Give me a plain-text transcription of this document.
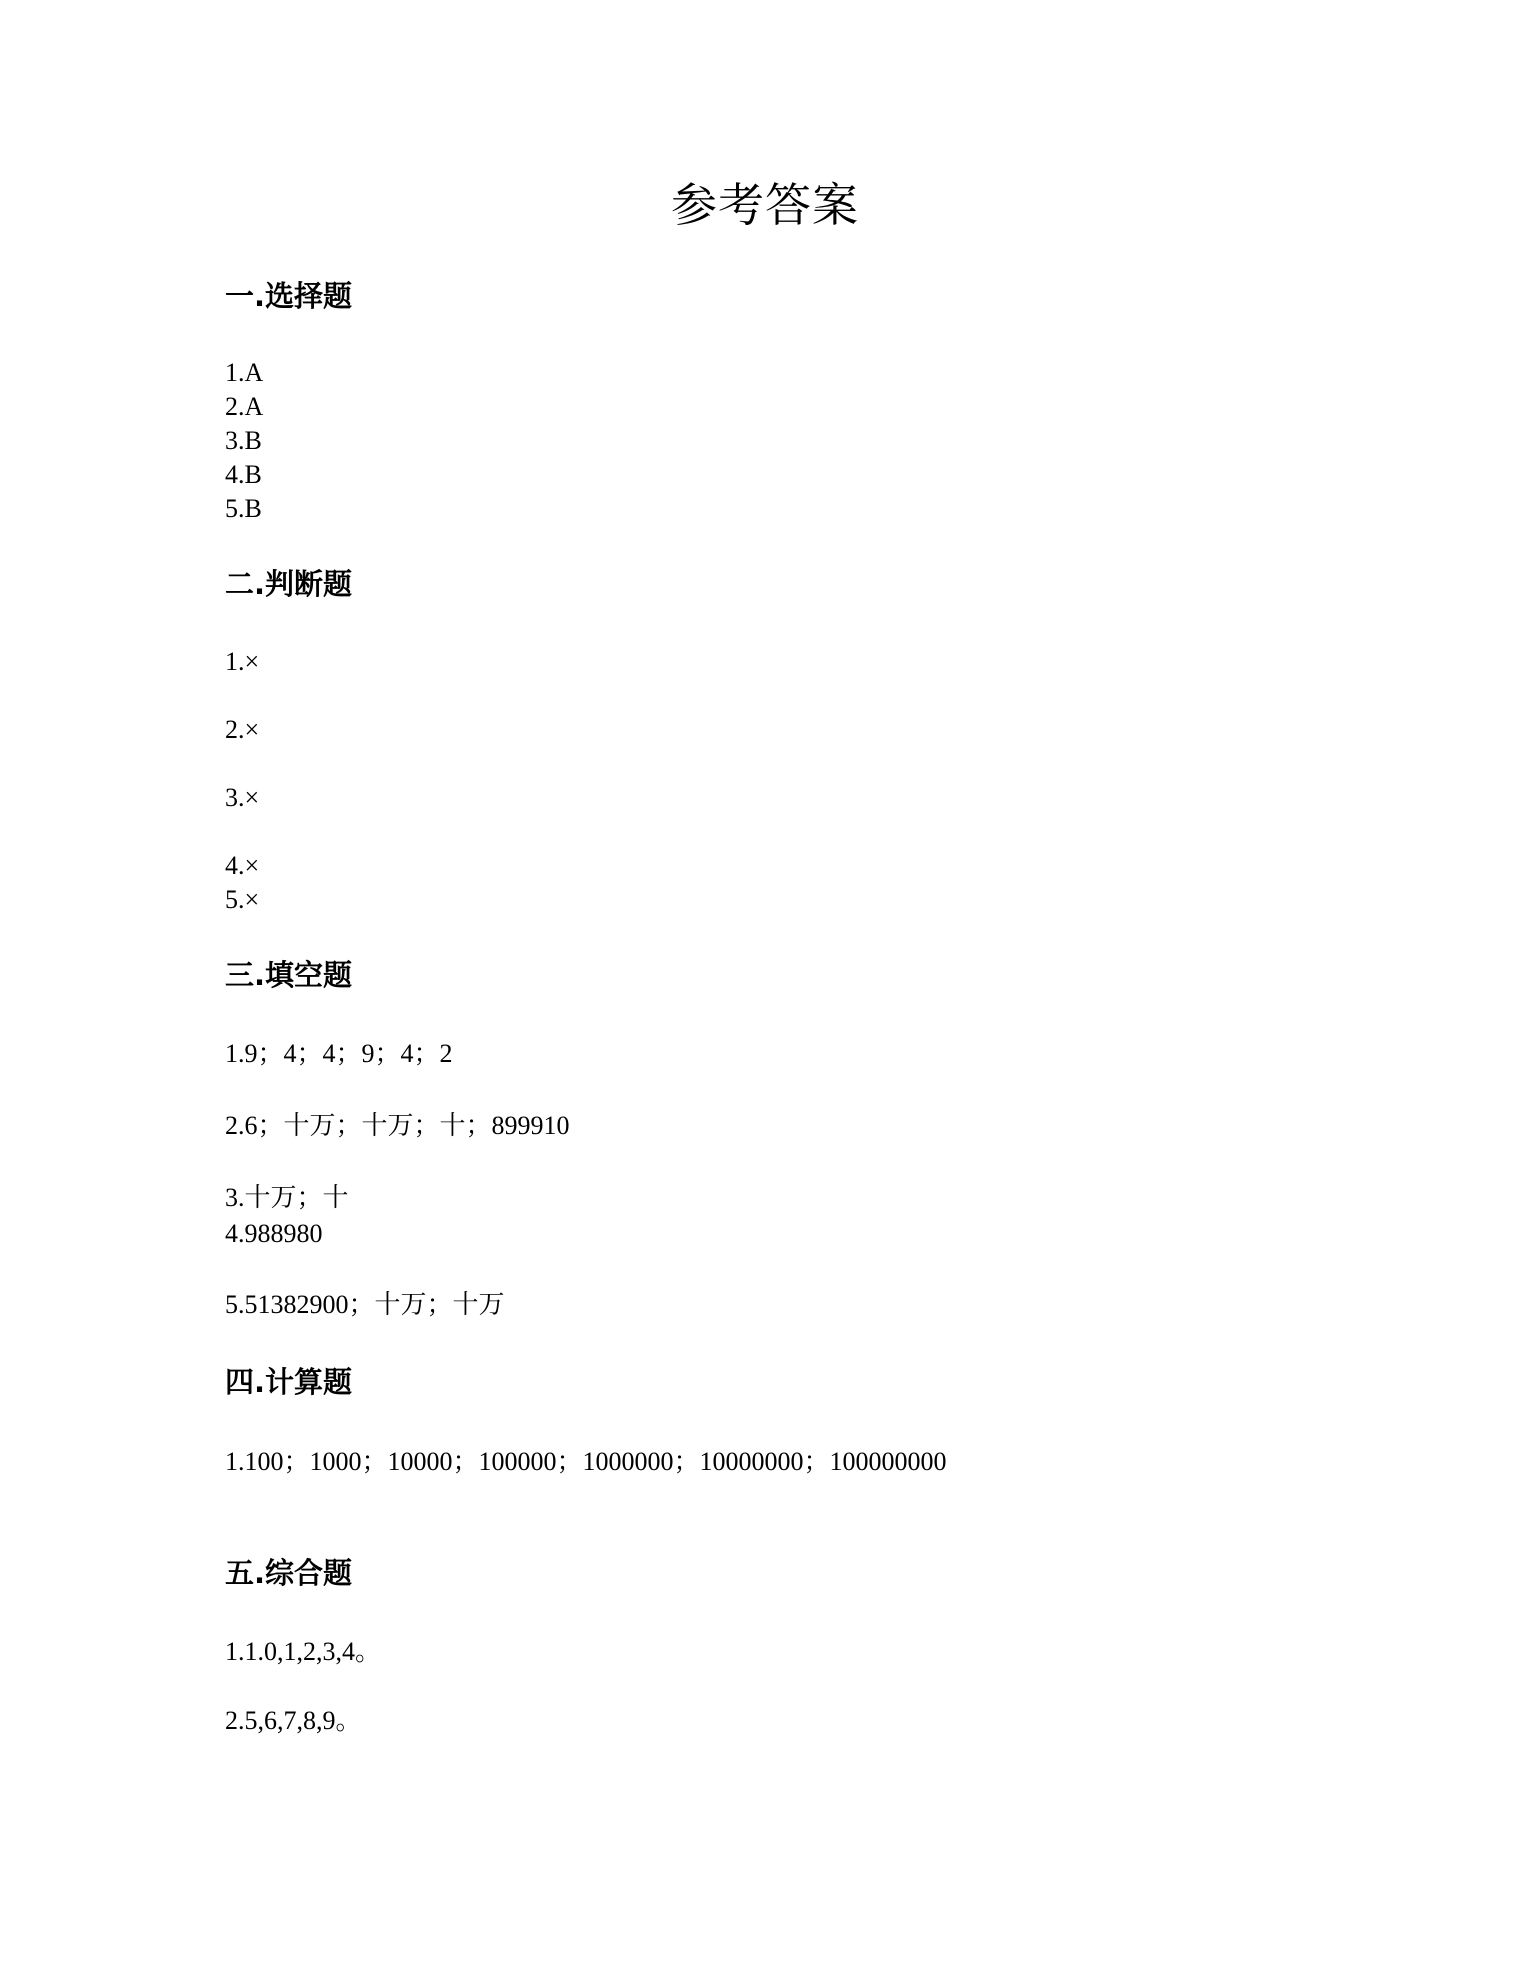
参考答案
一.选择题
1.A
2.A
3.B
4.B
5.B
二.判断题
1.×
2.×
3.×
4.×
5.×
三.填空题
1.9；4；4；9；4；2
2.6；十万；十万；十；899910
3.十万；十
4.988980
5.51382900；十万；十万
四.计算题
1.100；1000；10000；100000；1000000；10000000；100000000
五.综合题
1.1.0,1,2,3,4。
2.5,6,7,8,9。
